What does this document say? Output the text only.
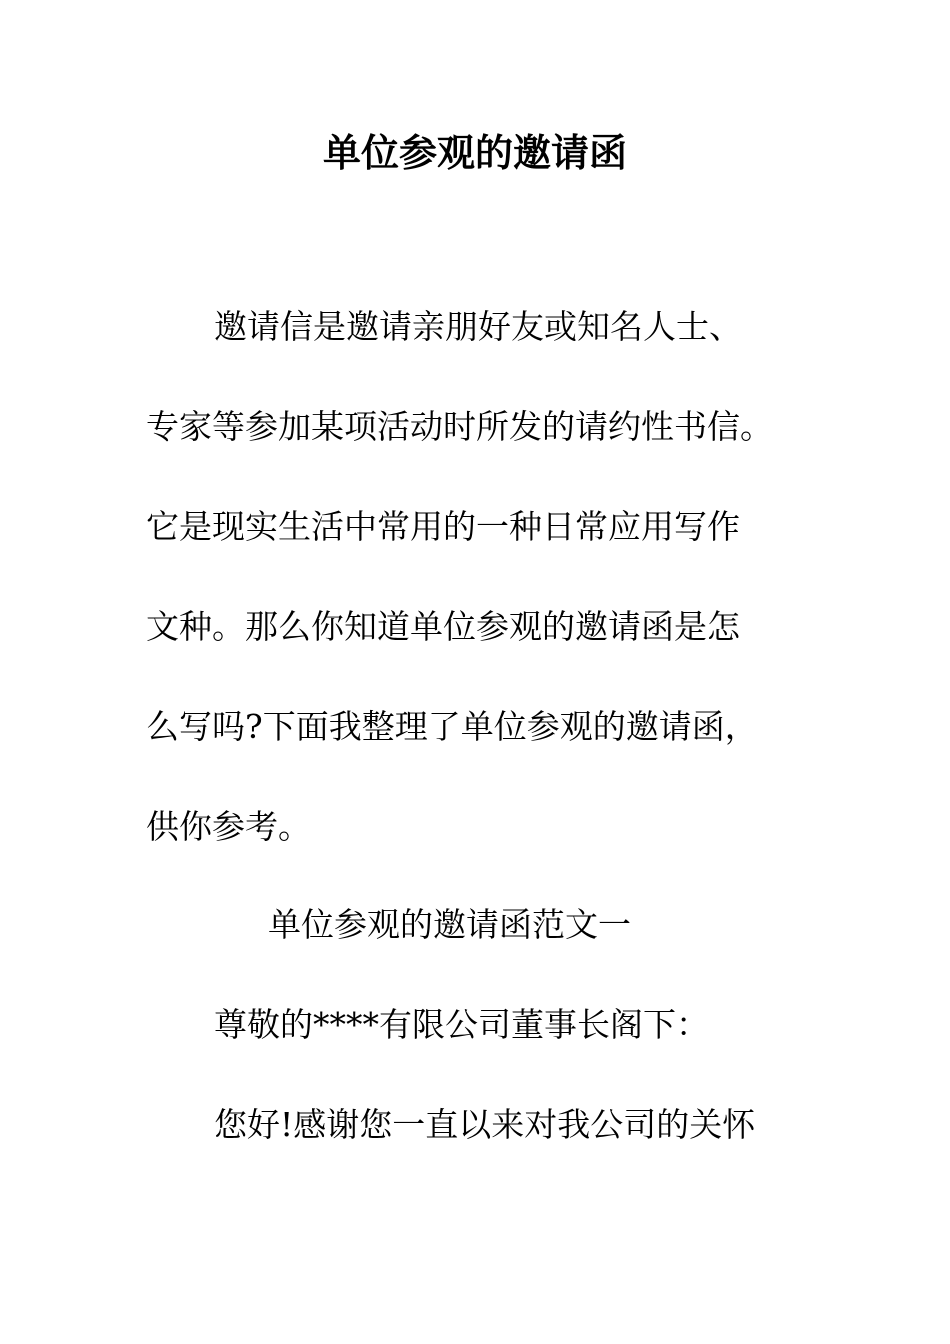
单位参观的邀请函
邀请信是邀请亲朋好友或知名人士、
专家等参加某项活动时所发的请约性书信。
它是现实生活中常用的一种日常应用写作
文种。那么你知道单位参观的邀请函是怎
么写吗?下面我整理了单位参观的邀请函，
供你参考。
单位参观的邀请函范文一
尊敬的****有限公司董事长阁下：
您好!感谢您一直以来对我公司的关怀
